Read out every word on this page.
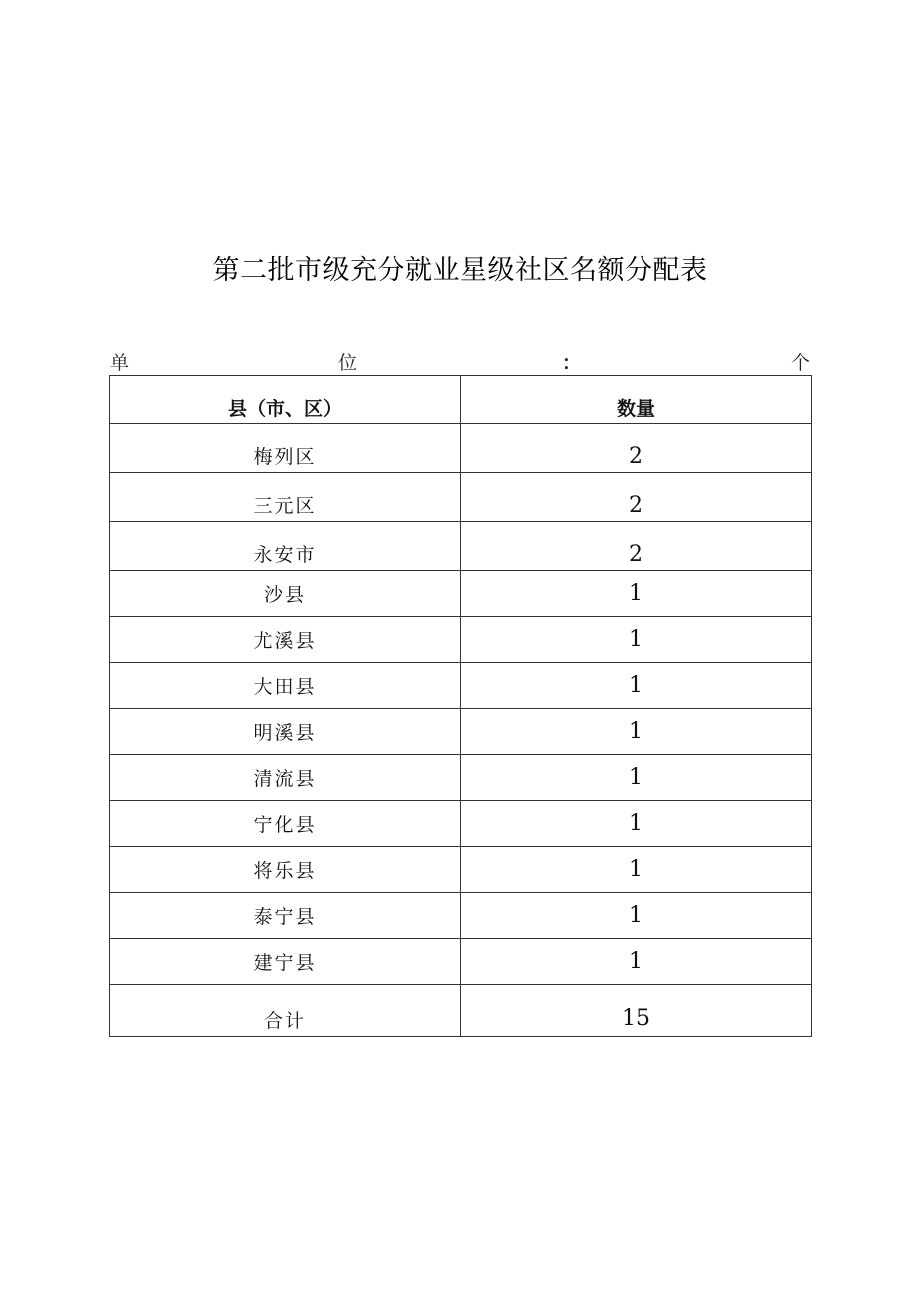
第二批市级充分就业星级社区名额分配表
单	位	：	个
县（市、区）	数量
梅列区	2
三元区	2
永安市	2
沙县	1
尤溪县	1
大田县	1
明溪县	1
清流县	1
宁化县	1
将乐县	1
泰宁县	1
建宁县	1
合计	15
